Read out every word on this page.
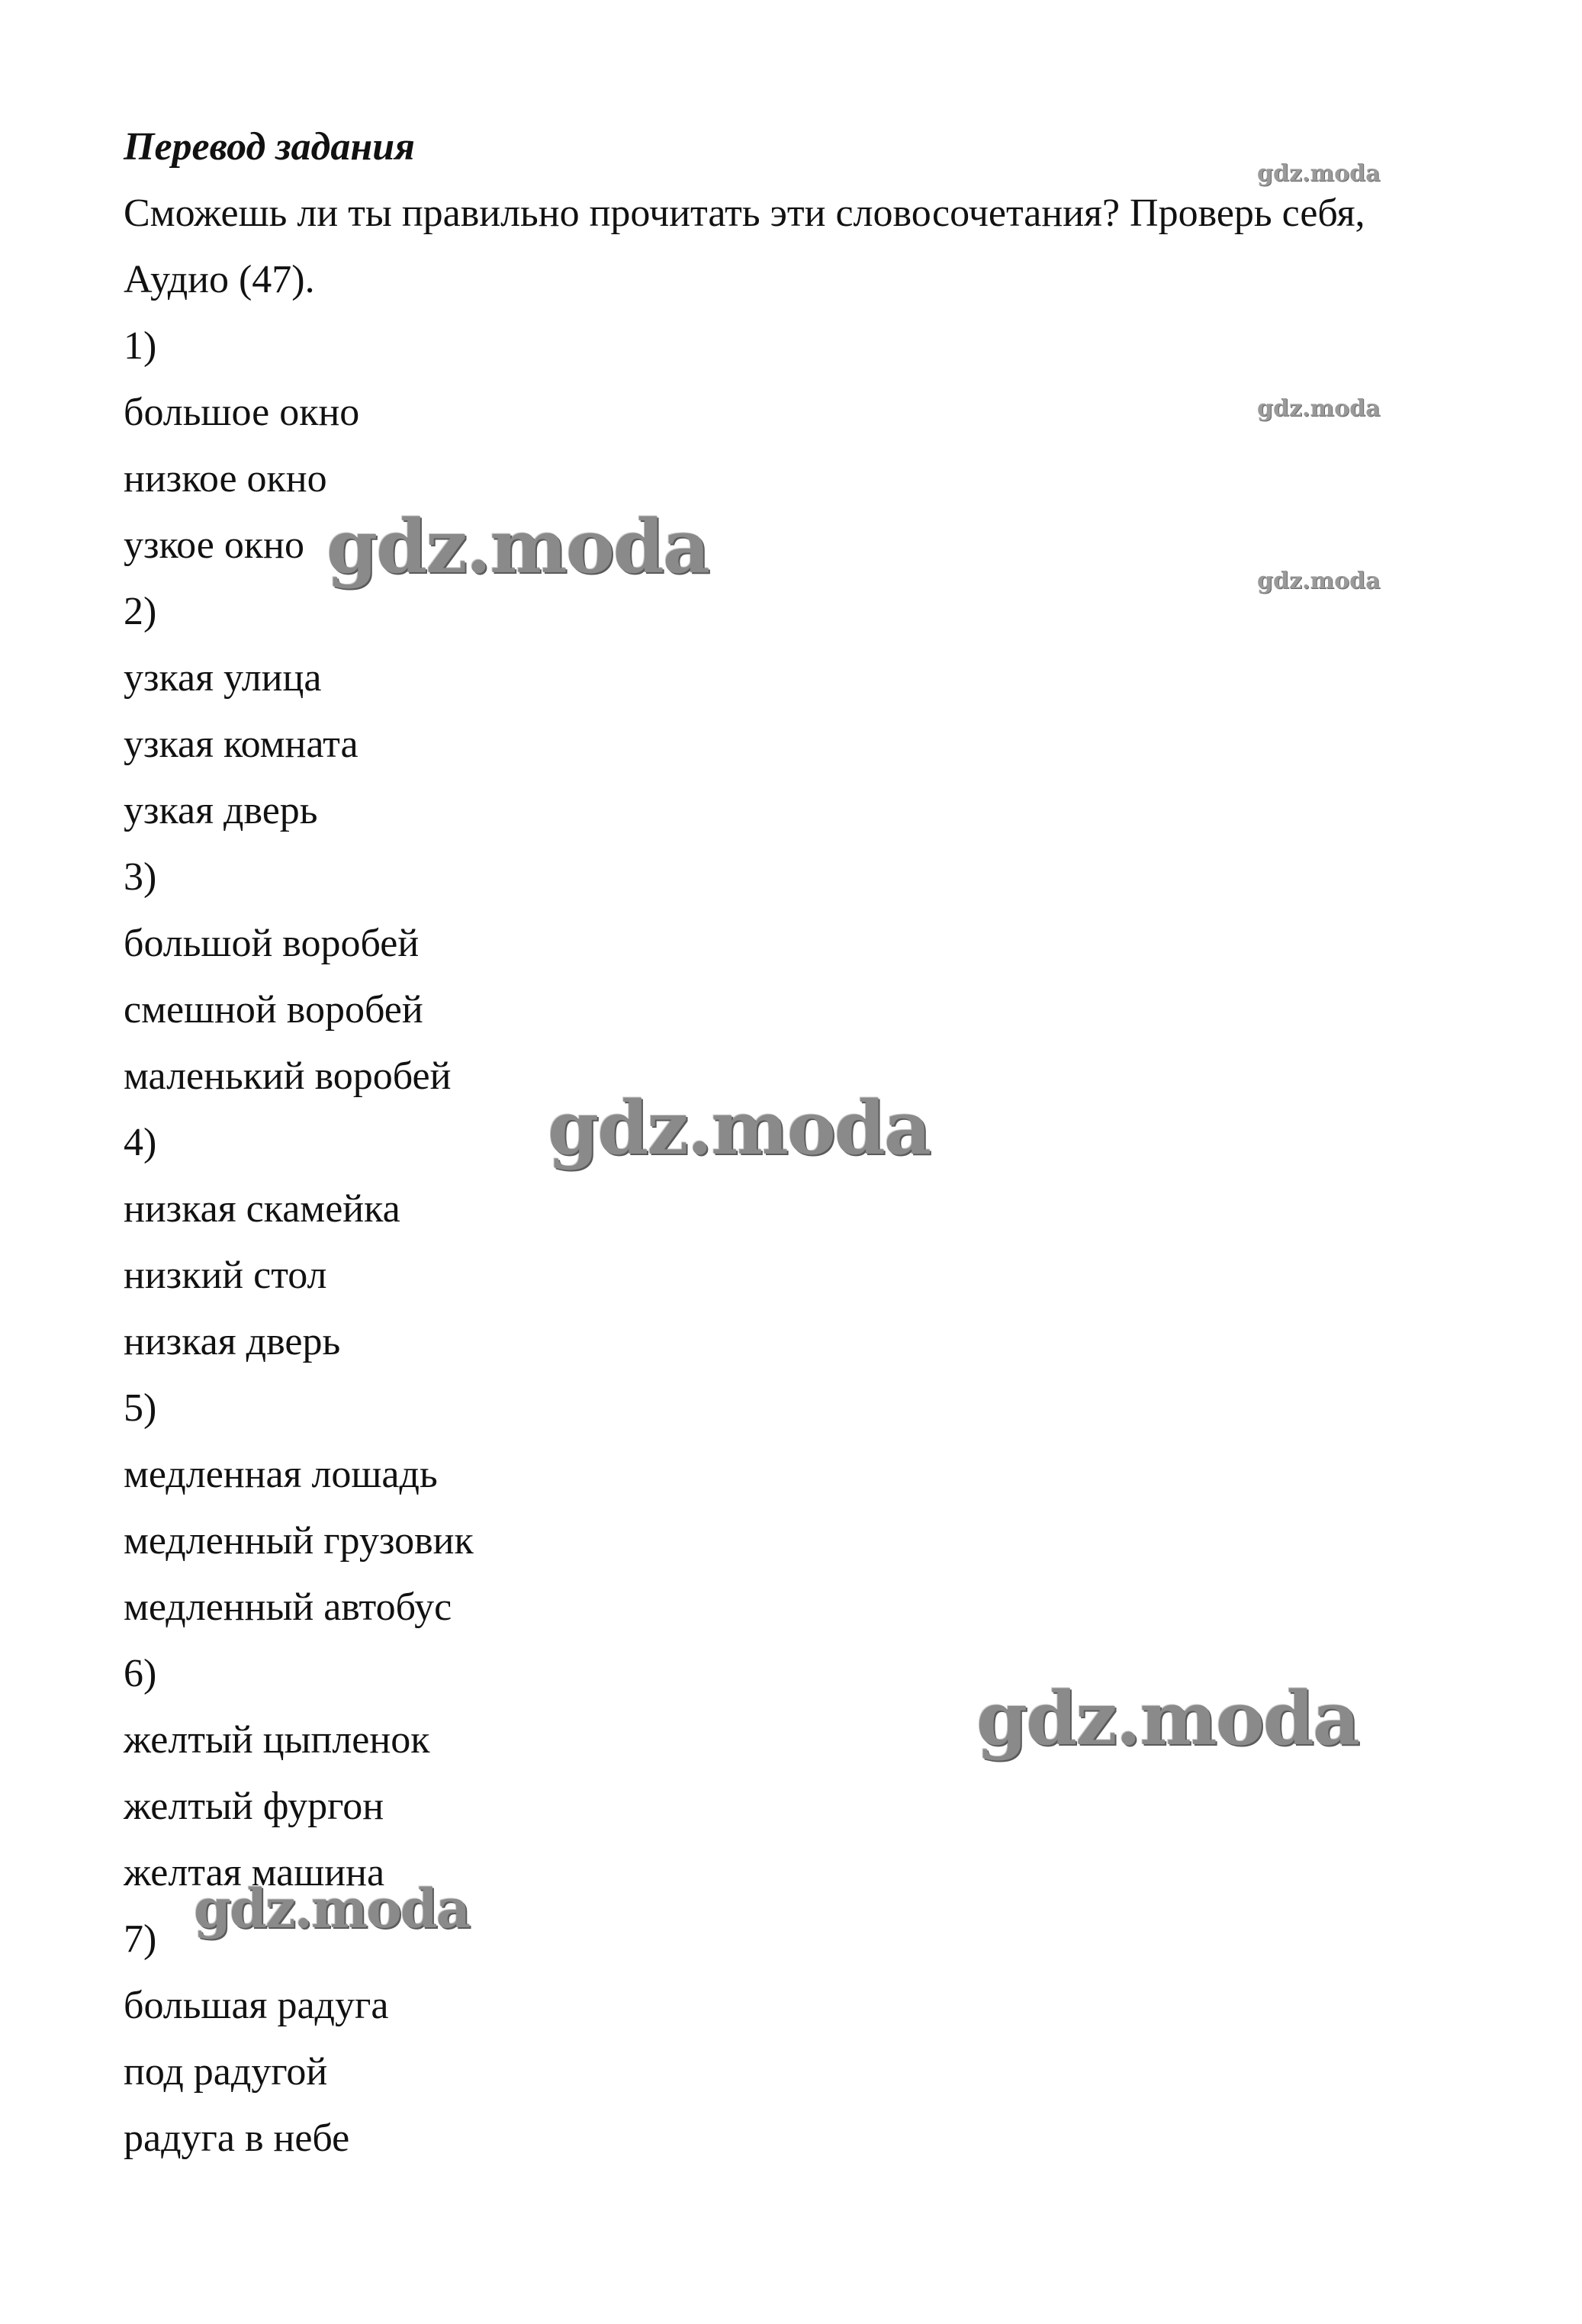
Перевод задания

Сможешь ли ты правильно прочитать эти словосочетания? Проверь себя, Аудио (47).

1)

большое окно

низкое окно

узкое окно

2)

узкая улица

узкая комната

узкая дверь

3)

большой воробей

смешной воробей

маленький воробей

4)

низкая скамейка

низкий стол

низкая дверь

5)

медленная лошадь

медленный грузовик

медленный автобус

6)

желтый цыпленок

желтый фургон

желтая машина

7)

большая радуга

под радугой

радуга в небе

gdz.moda
gdz.moda
gdz.moda
gdz.moda
gdz.moda
gdz.moda
gdz.moda
